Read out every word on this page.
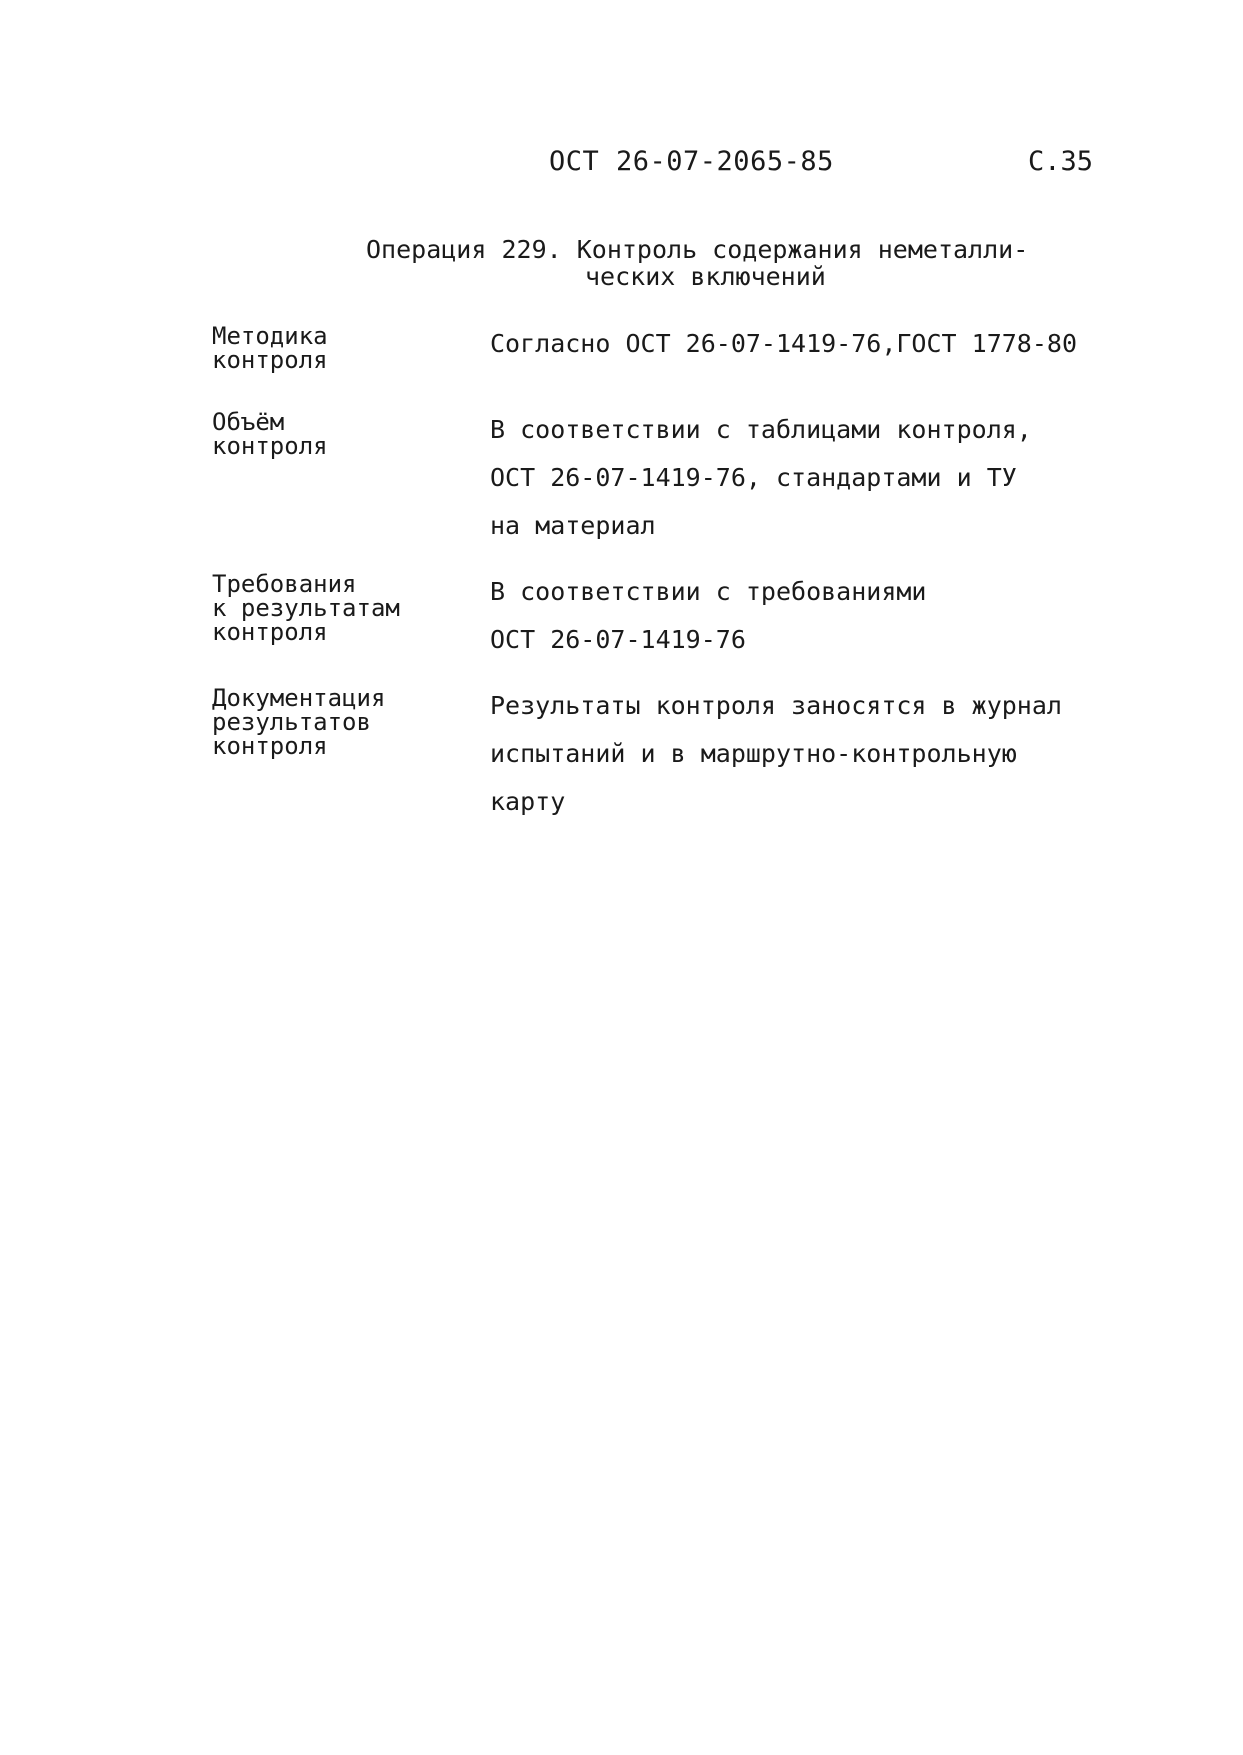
ОСТ 26-07-2065-85	С.35
Операция 229. Контроль содержания неметалли-
ческих включений
Методика
контроля
Согласно ОСТ 26-07-1419-76,ГОСТ 1778-80
Объём
контроля
В соответствии с таблицами контроля,
ОСТ 26-07-1419-76, стандартами и ТУ
на материал
Требования
к результатам
контроля
В соответствии с требованиями
ОСТ 26-07-1419-76
Документация
результатов
контроля
Результаты контроля заносятся в журнал
испытаний и в маршрутно-контрольную
карту
